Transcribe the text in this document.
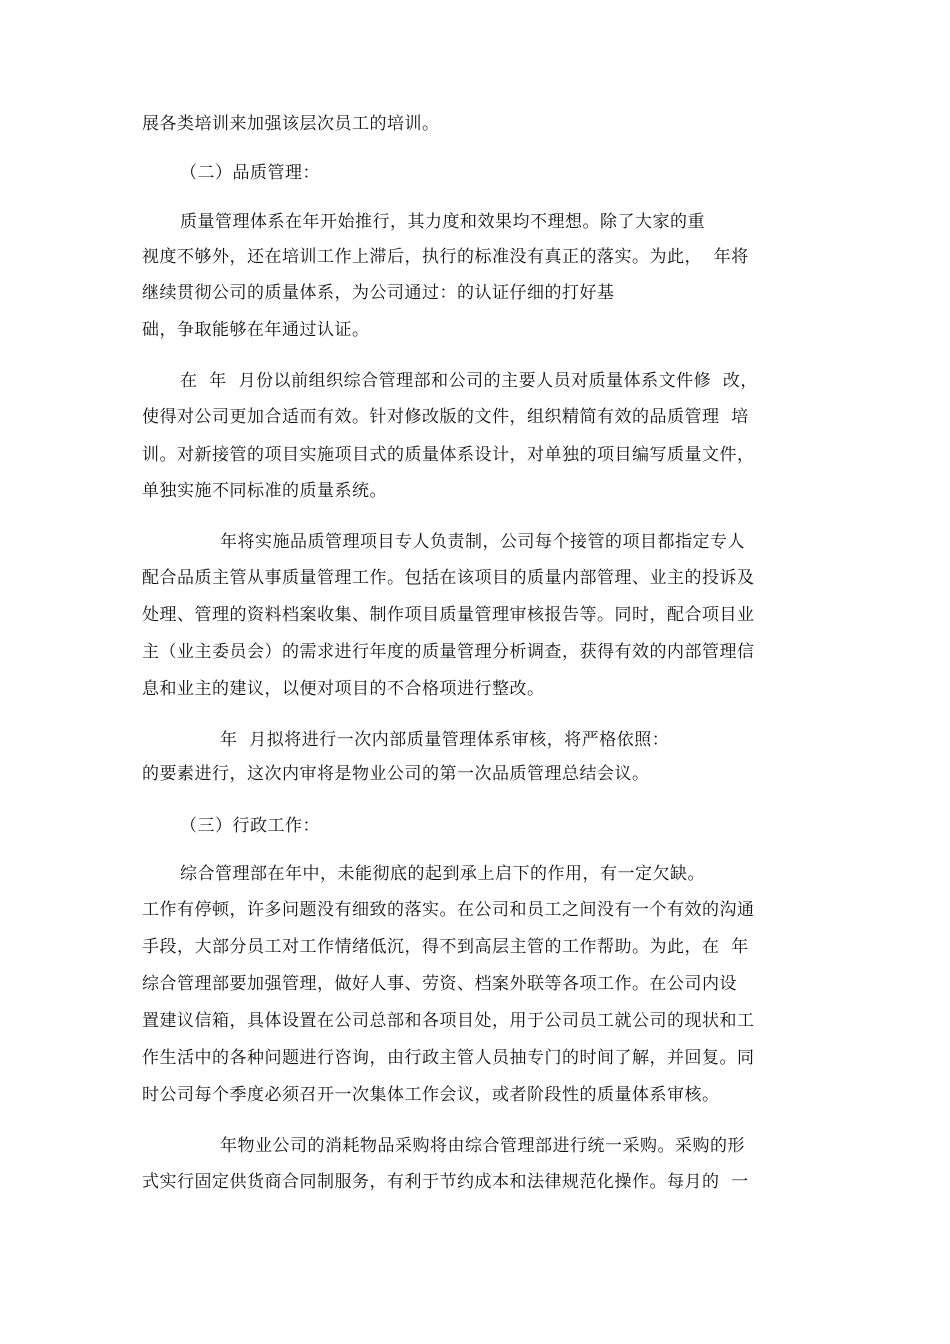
展各类培训来加强该层次员工的培训。
（二）品质管理：
质量管理体系在年开始推行，其力度和效果均不理想。除了大家的重
视度不够外，还在培训工作上滞后，执行的标准没有真正的落实。为此，  年将
继续贯彻公司的质量体系，为公司通过：的认证仔细的打好基
础，争取能够在年通过认证。
在  年  月份以前组织综合管理部和公司的主要人员对质量体系文件修  改，
使得对公司更加合适而有效。针对修改版的文件，组织精简有效的品质管理  培
训。对新接管的项目实施项目式的质量体系设计，对单独的项目编写质量文件，
单独实施不同标准的质量系统。
年将实施品质管理项目专人负责制，公司每个接管的项目都指定专人
配合品质主管从事质量管理工作。包括在该项目的质量内部管理、业主的投诉及
处理、管理的资料档案收集、制作项目质量管理审核报告等。同时，配合项目业
主（业主委员会）的需求进行年度的质量管理分析调查，获得有效的内部管理信
息和业主的建议，以便对项目的不合格项进行整改。
年  月拟将进行一次内部质量管理体系审核，将严格依照：
的要素进行，这次内审将是物业公司的第一次品质管理总结会议。
（三）行政工作：
综合管理部在年中，未能彻底的起到承上启下的作用，有一定欠缺。
工作有停顿，许多问题没有细致的落实。在公司和员工之间没有一个有效的沟通
手段，大部分员工对工作情绪低沉，得不到高层主管的工作帮助。为此，在  年
综合管理部要加强管理，做好人事、劳资、档案外联等各项工作。在公司内设
置建议信箱，具体设置在公司总部和各项目处，用于公司员工就公司的现状和工
作生活中的各种问题进行咨询，由行政主管人员抽专门的时间了解，并回复。同
时公司每个季度必须召开一次集体工作会议，或者阶段性的质量体系审核。
年物业公司的消耗物品采购将由综合管理部进行统一采购。采购的形
式实行固定供货商合同制服务，有利于节约成本和法律规范化操作。每月的  一
